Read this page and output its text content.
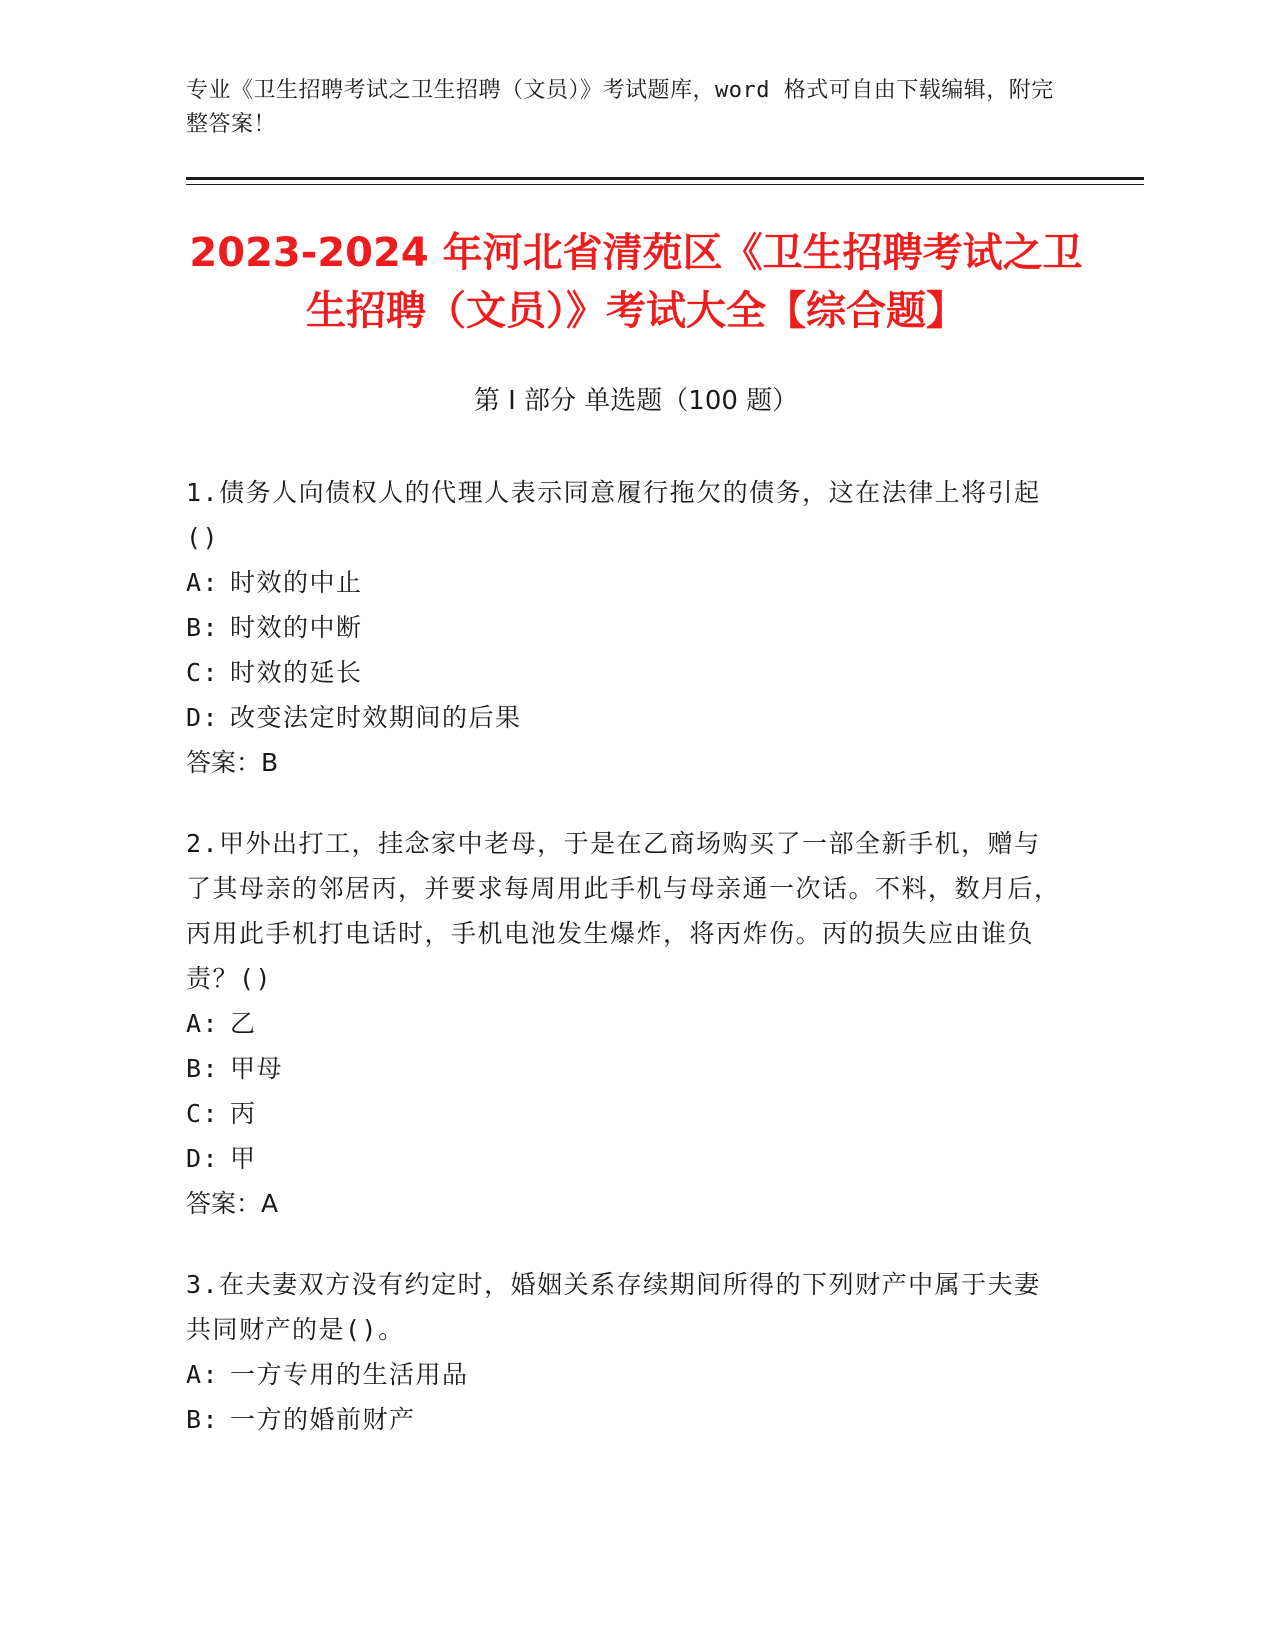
专业《卫生招聘考试之卫生招聘（文员）》考试题库，word 格式可自由下载编辑，附完整答案！
2023-2024 年河北省清苑区《卫生招聘考试之卫生招聘（文员）》考试大全【综合题】
第 I 部分 单选题（100 题）

1.债务人向债权人的代理人表示同意履行拖欠的债务，这在法律上将引起()

A: 时效的中止
B: 时效的中断
C: 时效的延长
D: 改变法定时效期间的后果
答案：B

2.甲外出打工，挂念家中老母，于是在乙商场购买了一部全新手机，赠与了其母亲的邻居丙，并要求每周用此手机与母亲通一次话。不料，数月后，丙用此手机打电话时，手机电池发生爆炸，将丙炸伤。丙的损失应由谁负责？()

A: 乙
B: 甲母
C: 丙
D: 甲
答案：A

3.在夫妻双方没有约定时，婚姻关系存续期间所得的下列财产中属于夫妻共同财产的是()。

A: 一方专用的生活用品
B: 一方的婚前财产
